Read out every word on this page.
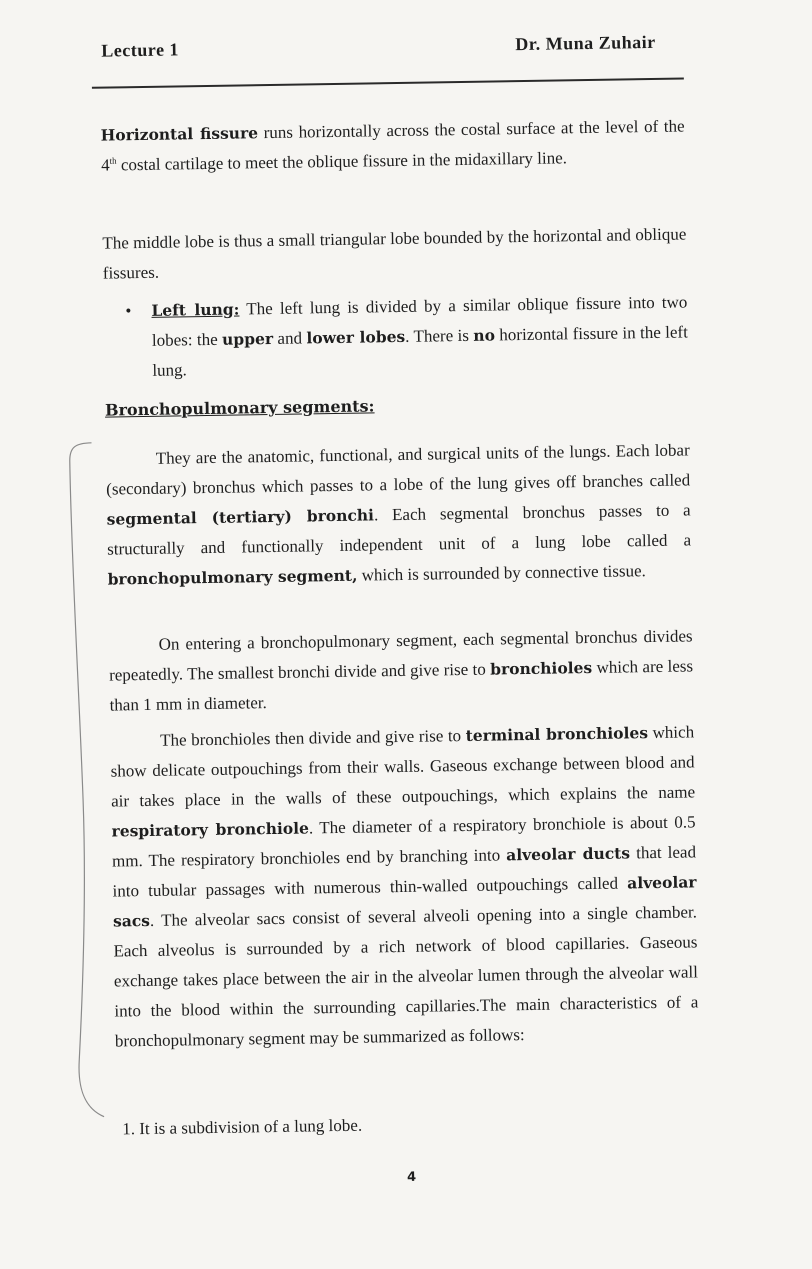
Lecture 1	Dr. Muna Zuhair

Horizontal fissure runs horizontally across the costal surface at the level of the 4th costal cartilage to meet the oblique fissure in the midaxillary line.

The middle lobe is thus a small triangular lobe bounded by the horizontal and oblique fissures.

• Left lung: The left lung is divided by a similar oblique fissure into two lobes: the upper and lower lobes. There is no horizontal fissure in the left lung.
Bronchopulmonary segments:

They are the anatomic, functional, and surgical units of the lungs. Each lobar (secondary) bronchus which passes to a lobe of the lung gives off branches called segmental (tertiary) bronchi. Each segmental bronchus passes to a structurally and functionally independent unit of a lung lobe called a bronchopulmonary segment, which is surrounded by connective tissue.

On entering a bronchopulmonary segment, each segmental bronchus divides repeatedly. The smallest bronchi divide and give rise to bronchioles which are less than 1 mm in diameter.

The bronchioles then divide and give rise to terminal bronchioles which show delicate outpouchings from their walls. Gaseous exchange between blood and air takes place in the walls of these outpouchings, which explains the name respiratory bronchiole. The diameter of a respiratory bronchiole is about 0.5 mm. The respiratory bronchioles end by branching into alveolar ducts that lead into tubular passages with numerous thin-walled outpouchings called alveolar sacs. The alveolar sacs consist of several alveoli opening into a single chamber. Each alveolus is surrounded by a rich network of blood capillaries. Gaseous exchange takes place between the air in the alveolar lumen through the alveolar wall into the blood within the surrounding capillaries.The main characteristics of a bronchopulmonary segment may be summarized as follows:

1. It is a subdivision of a lung lobe.

4
